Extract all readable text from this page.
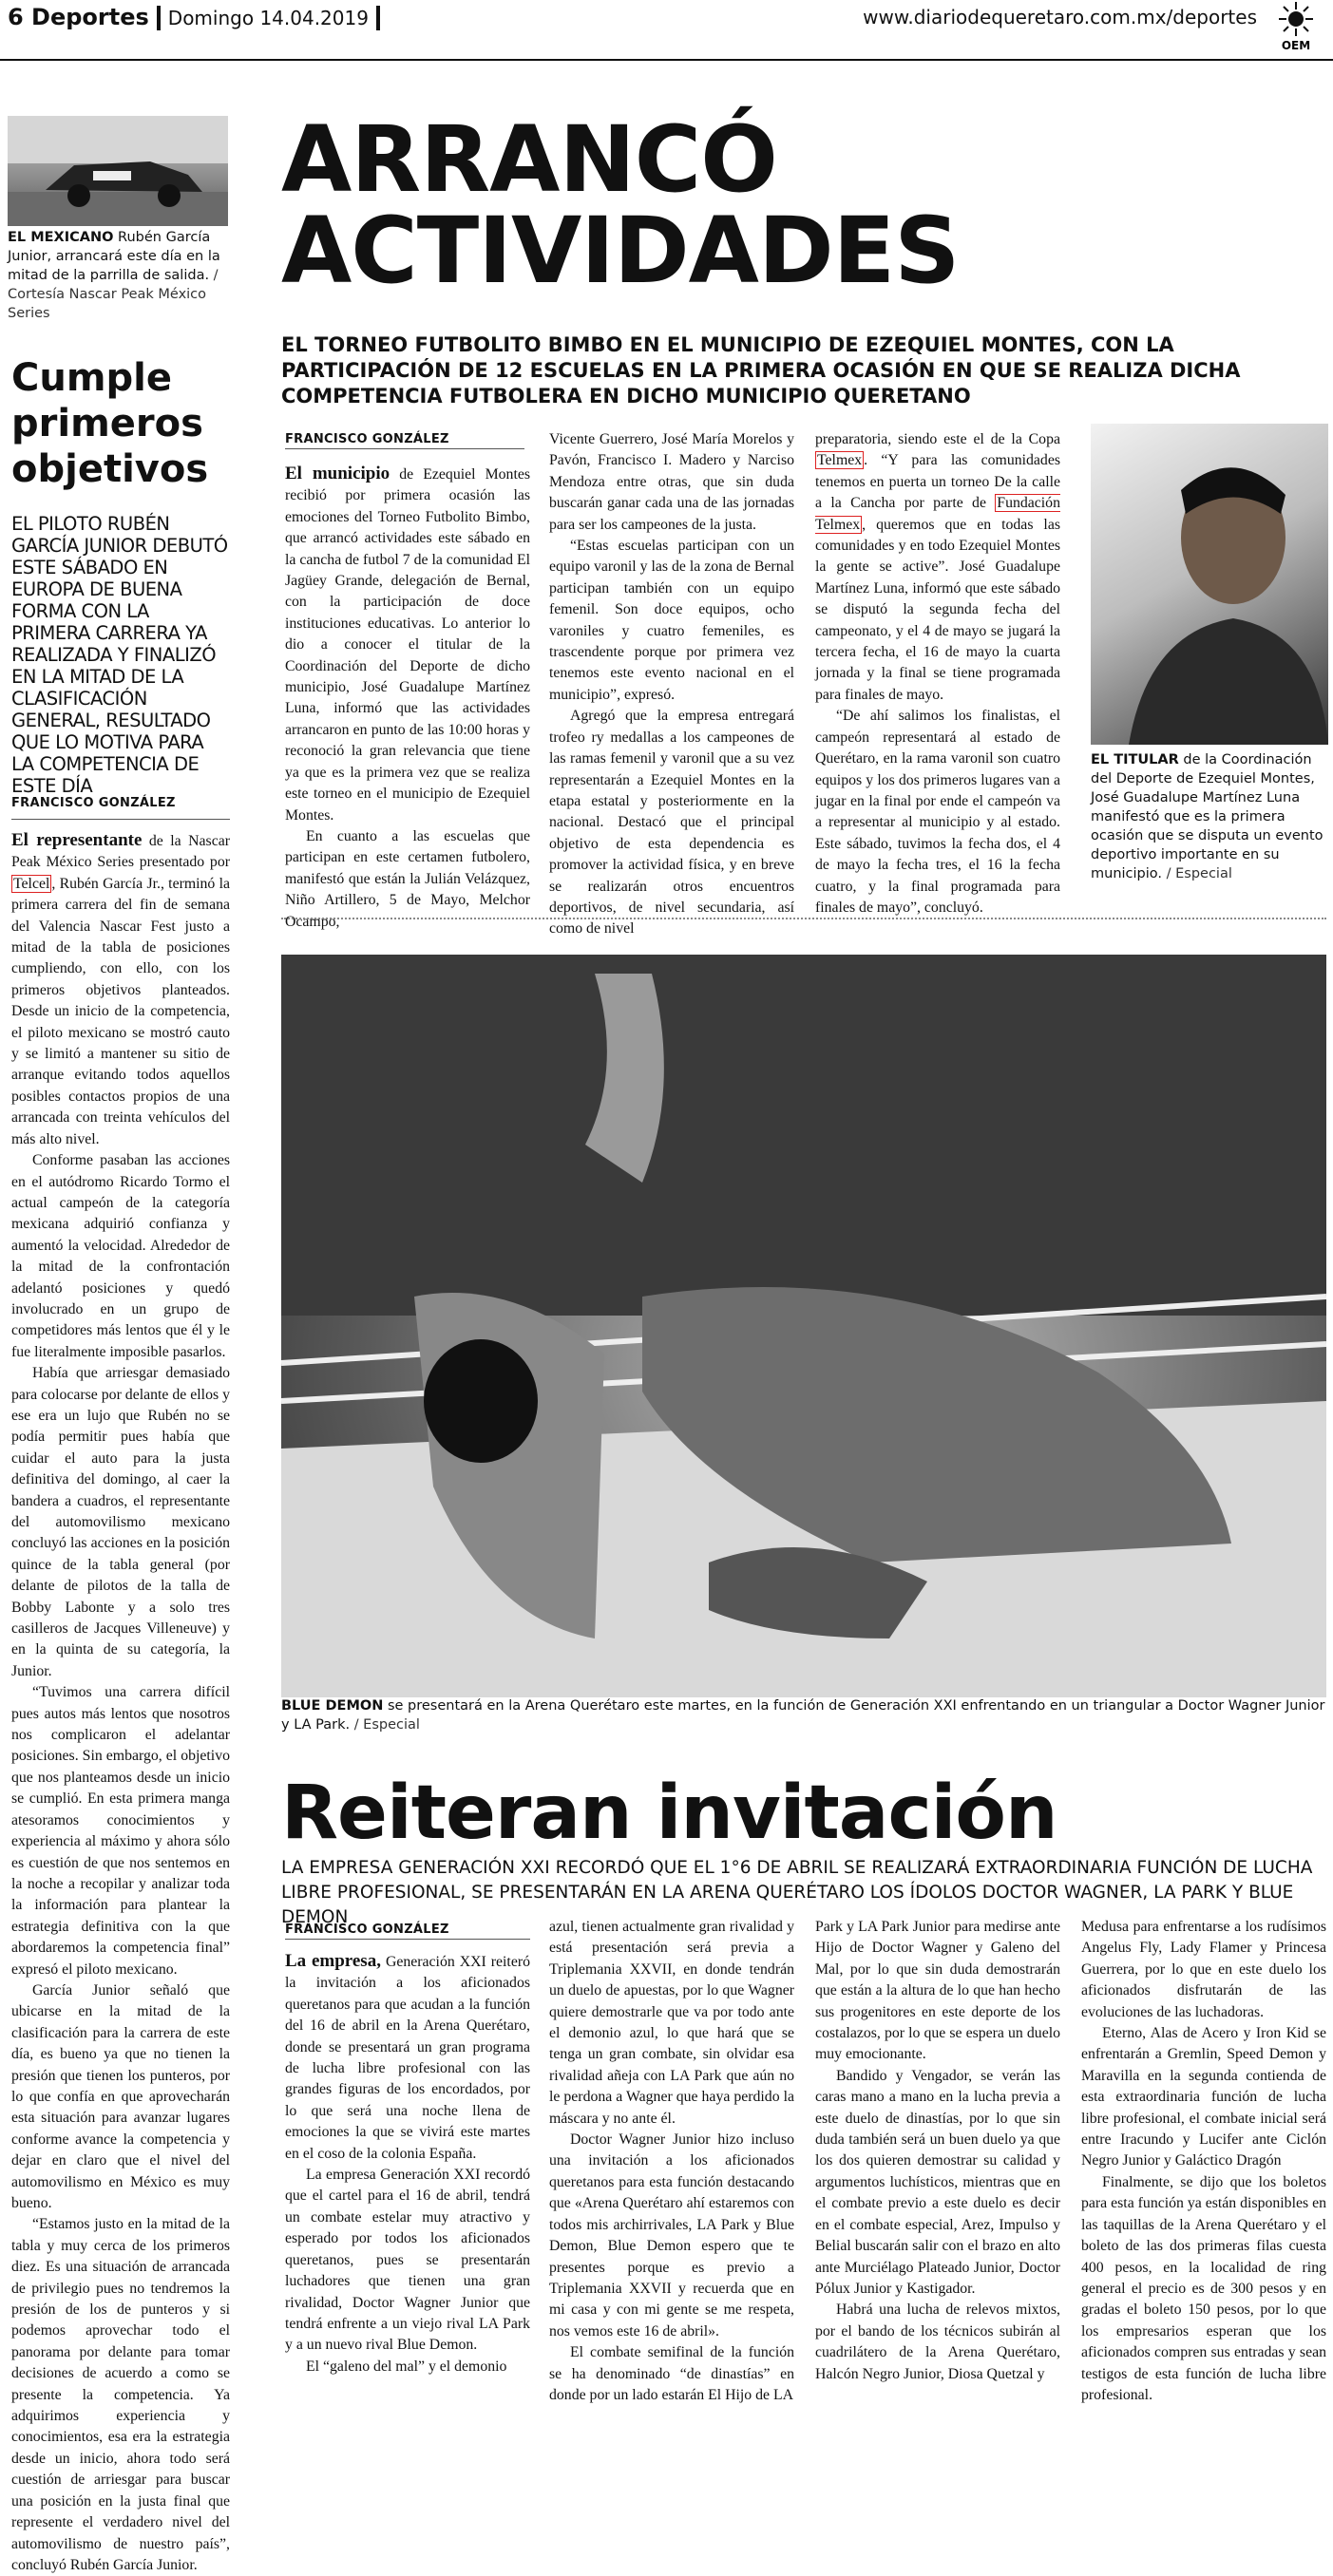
6 Deportes Domingo 14.04.2019	www.diariodequeretaro.com.mx/deportes
OEM
EL MEXICANO Rubén García Junior, arrancará este día en la mitad de la parrilla de salida. / Cortesía Nascar Peak México Series
Cumple primeros objetivos
EL PILOTO RUBÉN GARCÍA JUNIOR DEBUTÓ ESTE SÁBADO EN EUROPA DE BUENA FORMA CON LA PRIMERA CARRERA YA REALIZADA Y FINALIZÓ EN LA MITAD DE LA CLASIFICACIÓN GENERAL, RESULTADO QUE LO MOTIVA PARA LA COMPETENCIA DE ESTE DÍA
FRANCISCO GONZÁLEZ

El representante de la Nascar Peak México Series presentado por Telcel , Rubén García Jr., terminó la primera carrera del fin de semana del Valencia Nascar Fest justo a mitad de la tabla de posiciones cumpliendo, con ello, con los primeros objetivos planteados. Desde un inicio de la competencia, el piloto mexicano se mostró cauto y se limitó a mantener su sitio de arranque evitando todos aquellos posibles contactos propios de una arrancada con treinta vehículos del más alto nivel.

Conforme pasaban las acciones en el autódromo Ricardo Tormo el actual campeón de la categoría mexicana adquirió confianza y aumentó la velocidad. Alrededor de la mitad de la confrontación adelantó posiciones y quedó involucrado en un grupo de competidores más lentos que él y le fue literalmente imposible pasarlos.

Había que arriesgar demasiado para colocarse por delante de ellos y ese era un lujo que Rubén no se podía permitir pues había que cuidar el auto para la justa definitiva del domingo, al caer la bandera a cuadros, el representante del automovilismo mexicano concluyó las acciones en la posición quince de la tabla general (por delante de pilotos de la talla de Bobby Labonte y a solo tres casilleros de Jacques Villeneuve) y en la quinta de su categoría, la Junior.

“Tuvimos una carrera difícil pues autos más lentos que nosotros nos complicaron el adelantar posiciones. Sin embargo, el objetivo que nos planteamos desde un inicio se cumplió. En esta primera manga atesoramos conocimientos y experiencia al máximo y ahora sólo es cuestión de que nos sentemos en la noche a recopilar y analizar toda la información para plantear la estrategia definitiva con la que abordaremos la competencia final” expresó el piloto mexicano.

García Junior señaló que ubicarse en la mitad de la clasificación para la carrera de este día, es bueno ya que no tienen la presión que tienen los punteros, por lo que confía en que aprovecharán esta situación para avanzar lugares conforme avance la competencia y dejar en claro que el nivel del automovilismo en México es muy bueno.

“Estamos justo en la mitad de la tabla y muy cerca de los primeros diez. Es una situación de arrancada de privilegio pues no tendremos la presión de los de punteros y si podemos aprovechar todo el panorama por delante para tomar decisiones de acuerdo a como se presente la competencia. Ya adquirimos experiencia y conocimientos, esa era la estrategia desde un inicio, ahora todo será cuestión de arriesgar para buscar una posición en la justa final que represente el verdadero nivel del automovilismo de nuestro país”, concluyó Rubén García Junior.

ARRANCÓ
ACTIVIDADES
EL TORNEO FUTBOLITO BIMBO EN EL MUNICIPIO DE EZEQUIEL MONTES, CON LA PARTICIPACIÓN DE 12 ESCUELAS EN LA PRIMERA OCASIÓN EN QUE SE REALIZA DICHA COMPETENCIA FUTBOLERA EN DICHO MUNICIPIO QUERETANO
FRANCISCO GONZÁLEZ

El municipio de Ezequiel Montes recibió por primera ocasión las emociones del Torneo Futbolito Bimbo, que arrancó actividades este sábado en la cancha de futbol 7 de la comunidad El Jagüey Grande, delegación de Bernal, con la participación de doce instituciones educativas. Lo anterior lo dio a conocer el titular de la Coordinación del Deporte de dicho municipio, José Guadalupe Martínez Luna, informó que las actividades arrancaron en punto de las 10:00 horas y reconoció la gran relevancia que tiene ya que es la primera vez que se realiza este torneo en el municipio de Ezequiel Montes.

En cuanto a las escuelas que participan en este certamen futbolero, manifestó que están la Julián Velázquez, Niño Artillero, 5 de Mayo, Melchor Ocampo,

Vicente Guerrero, José María Morelos y Pavón, Francisco I. Madero y Narciso Mendoza entre otras, que sin duda buscarán ganar cada una de las jornadas para ser los campeones de la justa.

“Estas escuelas participan con un equipo varonil y las de la zona de Bernal participan también con un equipo femenil. Son doce equipos, ocho varoniles y cuatro femeniles, es trascendente porque por primera vez tenemos este evento nacional en el municipio”, expresó.

Agregó que la empresa entregará trofeo ry medallas a los campeones de las ramas femenil y varonil que a su vez representarán a Ezequiel Montes en la etapa estatal y posteriormente en la nacional. Destacó que el principal objetivo de esta dependencia es promover la actividad física, y en breve se realizarán otros encuentros deportivos, de nivel secundaria, así como de nivel

preparatoria, siendo este el de la Copa Telmex . “Y para las comunidades tenemos en puerta un torneo De la calle a la Cancha por parte de Fundación Telmex , queremos que en todas las comunidades y en todo Ezequiel Montes la gente se active”. José Guadalupe Martínez Luna, informó que este sábado se disputó la segunda fecha del campeonato, y el 4 de mayo se jugará la tercera fecha, el 16 de mayo la cuarta jornada y la final se tiene programada para finales de mayo.

“De ahí salimos los finalistas, el campeón representará al estado de Querétaro, en la rama varonil son cuatro equipos y los dos primeros lugares van a jugar en la final por ende el campeón va a representar al municipio y al estado. Este sábado, tuvimos la fecha dos, el 4 de mayo la fecha tres, el 16 la fecha cuatro, y la final programada para finales de mayo”, concluyó.

EL TITULAR de la Coordinación del Deporte de Ezequiel Montes, José Guadalupe Martínez Luna manifestó que es la primera ocasión que se disputa un evento deportivo importante en su municipio. / Especial
BLUE DEMON se presentará en la Arena Querétaro este martes, en la función de Generación XXI enfrentando en un triangular a Doctor Wagner Junior y LA Park. / Especial
Reiteran invitación
LA EMPRESA GENERACIÓN XXI RECORDÓ QUE EL 1°6 DE ABRIL SE REALIZARÁ EXTRAORDINARIA FUNCIÓN DE LUCHA LIBRE PROFESIONAL, SE PRESENTARÁN EN LA ARENA QUERÉTARO LOS ÍDOLOS DOCTOR WAGNER, LA PARK Y BLUE DEMON
FRANCISCO GONZÁLEZ

La empresa, Generación XXI reiteró la invitación a los aficionados queretanos para que acudan a la función del 16 de abril en la Arena Querétaro, donde se presentará un gran programa de lucha libre profesional con las grandes figuras de los encordados, por lo que será una noche llena de emociones la que se vivirá este martes en el coso de la colonia España.

La empresa Generación XXI recordó que el cartel para el 16 de abril, tendrá un combate estelar muy atractivo y esperado por todos los aficionados queretanos, pues se presentarán luchadores que tienen una gran rivalidad, Doctor Wagner Junior que tendrá enfrente a un viejo rival LA Park y a un nuevo rival Blue Demon.

El “galeno del mal” y el demonio

azul, tienen actualmente gran rivalidad y está presentación será previa a Triplemania XXVII, en donde tendrán un duelo de apuestas, por lo que Wagner quiere demostrarle que va por todo ante el demonio azul, lo que hará que se tenga un gran combate, sin olvidar esa rivalidad añeja con LA Park que aún no le perdona a Wagner que haya perdido la máscara y no ante él.

Doctor Wagner Junior hizo incluso una invitación a los aficionados queretanos para esta función destacando que «Arena Querétaro ahí estaremos con todos mis archirrivales, LA Park y Blue Demon, Blue Demon espero que te presentes porque es previo a Triplemania XXVII y recuerda que en mi casa y con mi gente se me respeta, nos vemos este 16 de abril».

El combate semifinal de la función se ha denominado “de dinastías” en donde por un lado estarán El Hijo de LA

Park y LA Park Junior para medirse ante Hijo de Doctor Wagner y Galeno del Mal, por lo que sin duda demostrarán que están a la altura de lo que han hecho sus progenitores en este deporte de los costalazos, por lo que se espera un duelo muy emocionante.

Bandido y Vengador, se verán las caras mano a mano en la lucha previa a este duelo de dinastías, por lo que sin duda también será un buen duelo ya que los dos quieren demostrar su calidad y argumentos luchísticos, mientras que en el combate previo a este duelo es decir en el combate especial, Arez, Impulso y Belial buscarán salir con el brazo en alto ante Murciélago Plateado Junior, Doctor Pólux Junior y Kastigador.

Habrá una lucha de relevos mixtos, por el bando de los técnicos subirán al cuadrilátero de la Arena Querétaro, Halcón Negro Junior, Diosa Quetzal y

Medusa para enfrentarse a los rudísimos Angelus Fly, Lady Flamer y Princesa Guerrera, por lo que en este duelo los aficionados disfrutarán de las evoluciones de las luchadoras.

Eterno, Alas de Acero y Iron Kid se enfrentarán a Gremlin, Speed Demon y Maravilla en la segunda contienda de esta extraordinaria función de lucha libre profesional, el combate inicial será entre Iracundo y Lucifer ante Ciclón Negro Junior y Galáctico Dragón

Finalmente, se dijo que los boletos para esta función ya están disponibles en las taquillas de la Arena Querétaro y el boleto de las dos primeras filas cuesta 400 pesos, en la localidad de ring general el precio es de 300 pesos y en gradas el boleto 150 pesos, por lo que los empresarios esperan que los aficionados compren sus entradas y sean testigos de esta función de lucha libre profesional.
